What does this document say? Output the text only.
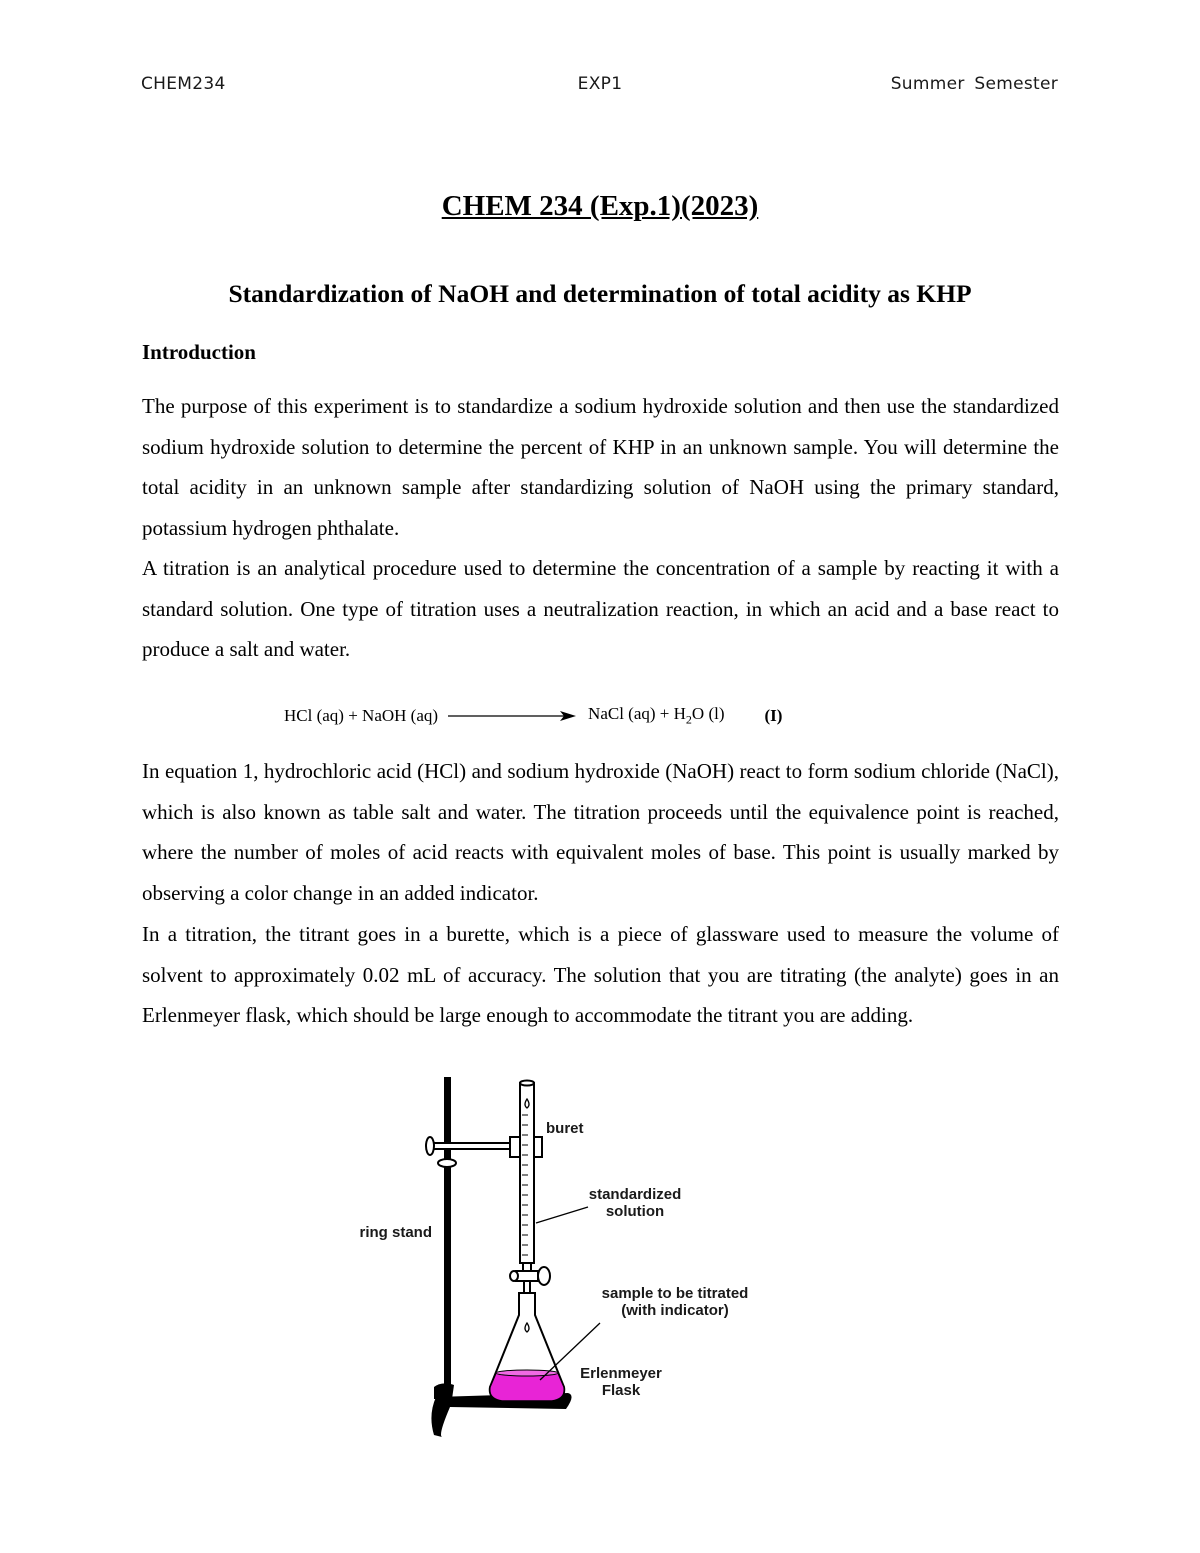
CHEM234	EXP1	Summer Semester
CHEM 234 (Exp.1)(2023)
Standardization of NaOH and determination of total acidity as KHP
Introduction

The purpose of this experiment is to standardize a sodium hydroxide solution and then use the standardized sodium hydroxide solution to determine the percent of KHP in an unknown sample. You will determine the total acidity in an unknown sample after standardizing solution of NaOH using the primary standard, potassium hydrogen phthalate.

A titration is an analytical procedure used to determine the concentration of a sample by reacting it with a standard solution. One type of titration uses a neutralization reaction, in which an acid and a base react to produce a salt and water.

HCl (aq) + NaOH (aq)	NaCl $(aq) + H_2O$ (l) (I)

In equation 1, hydrochloric acid (HCl) and sodium hydroxide (NaOH) react to form sodium chloride (NaCl), which is also known as table salt and water. The titration proceeds until the equivalence point is reached, where the number of moles of acid reacts with equivalent moles of base. This point is usually marked by observing a color change in an added indicator.

In a titration, the titrant goes in a burette, which is a piece of glassware used to measure the volume of solvent to approximately 0.02 mL of accuracy. The solution that you are titrating (the analyte) goes in an Erlenmeyer flask, which should be large enough to accommodate the titrant you are adding.

buret
standardized
solution
ring stand
sample to be titrated
(with indicator)
Erlenmeyer
Flask
